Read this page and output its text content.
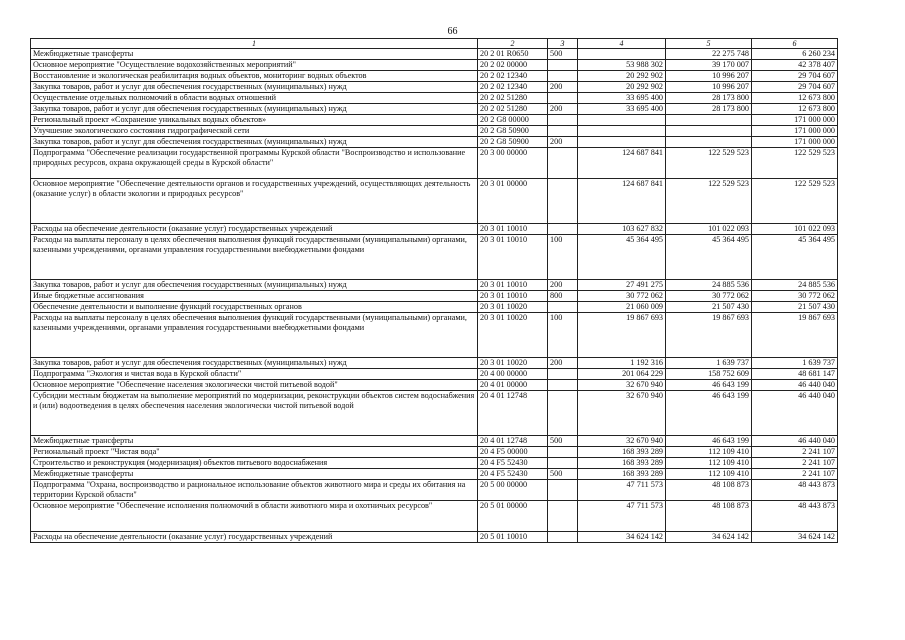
66
1	2	3	4	5	6
Межбюджетные трансферты	20 2 01 R0650	500		22 275 748	6 260 234
Основное мероприятие "Осуществление водохозяйственных мероприятий"	20 2 02 00000		53 988 302	39 170 007	42 378 407
Восстановление и экологическая реабилитация водных объектов, мониторинг водных объектов	20 2 02 12340		20 292 902	10 996 207	29 704 607
Закупка товаров, работ и услуг для обеспечения государственных (муниципальных) нужд	20 2 02 12340	200	20 292 902	10 996 207	29 704 607
Осуществление отдельных полномочий в области водных отношений	20 2 02 51280		33 695 400	28 173 800	12 673 800
Закупка товаров, работ и услуг для обеспечения государственных (муниципальных) нужд	20 2 02 51280	200	33 695 400	28 173 800	12 673 800
Региональный проект «Сохранение уникальных водных объектов»	20 2 G8 00000				171 000 000
Улучшение экологического состояния гидрографической сети	20 2 G8 50900				171 000 000
Закупка товаров, работ и услуг для обеспечения государственных (муниципальных) нужд	20 2 G8 50900	200			171 000 000
Подпрограмма "Обеспечение реализации государственной программы Курской области "Воспроизводство и использование природных ресурсов, охрана окружающей среды в Курской области"	20 3 00 00000		124 687 841	122 529 523	122 529 523
Основное мероприятие "Обеспечение деятельности органов и государственных учреждений, осуществляющих деятельность (оказание услуг) в области экологии и природных ресурсов"	20 3 01 00000		124 687 841	122 529 523	122 529 523
Расходы на обеспечение деятельности (оказание услуг) государственных учреждений	20 3 01 10010		103 627 832	101 022 093	101 022 093
Расходы на выплаты персоналу в целях обеспечения выполнения функций государственными (муниципальными) органами, казенными учреждениями, органами управления государственными внебюджетными фондами	20 3 01 10010	100	45 364 495	45 364 495	45 364 495
Закупка товаров, работ и услуг для обеспечения государственных (муниципальных) нужд	20 3 01 10010	200	27 491 275	24 885 536	24 885 536
Иные бюджетные ассигнования	20 3 01 10010	800	30 772 062	30 772 062	30 772 062
Обеспечение деятельности и выполнение функций государственных органов	20 3 01 10020		21 060 009	21 507 430	21 507 430
Расходы на выплаты персоналу в целях обеспечения выполнения функций государственными (муниципальными) органами, казенными учреждениями, органами управления государственными внебюджетными фондами	20 3 01 10020	100	19 867 693	19 867 693	19 867 693
Закупка товаров, работ и услуг для обеспечения государственных (муниципальных) нужд	20 3 01 10020	200	1 192 316	1 639 737	1 639 737
Подпрограмма "Экология и чистая вода в Курской области"	20 4 00 00000		201 064 229	158 752 609	48 681 147
Основное мероприятие "Обеспечение населения экологически чистой питьевой водой"	20 4 01 00000		32 670 940	46 643 199	46 440 040
Субсидии местным бюджетам на выполнение мероприятий по модернизации, реконструкции объектов систем водоснабжения и (или) водоотведения в целях обеспечения населения экологически чистой питьевой водой	20 4 01 12748		32 670 940	46 643 199	46 440 040
Межбюджетные трансферты	20 4 01 12748	500	32 670 940	46 643 199	46 440 040
Региональный проект "Чистая вода"	20 4 F5 00000		168 393 289	112 109 410	2 241 107
Строительство и реконструкция (модернизация) объектов питьевого водоснабжения	20 4 F5 52430		168 393 289	112 109 410	2 241 107
Межбюджетные трансферты	20 4 F5 52430	500	168 393 289	112 109 410	2 241 107
Подпрограмма "Охрана, воспроизводство и рациональное использование объектов животного мира и среды их обитания на территории Курской области"	20 5 00 00000		47 711 573	48 108 873	48 443 873
Основное мероприятие "Обеспечение исполнения полномочий в области животного мира и охотничьих ресурсов"	20 5 01 00000		47 711 573	48 108 873	48 443 873
Расходы на обеспечение деятельности (оказание услуг) государственных учреждений	20 5 01 10010		34 624 142	34 624 142	34 624 142
